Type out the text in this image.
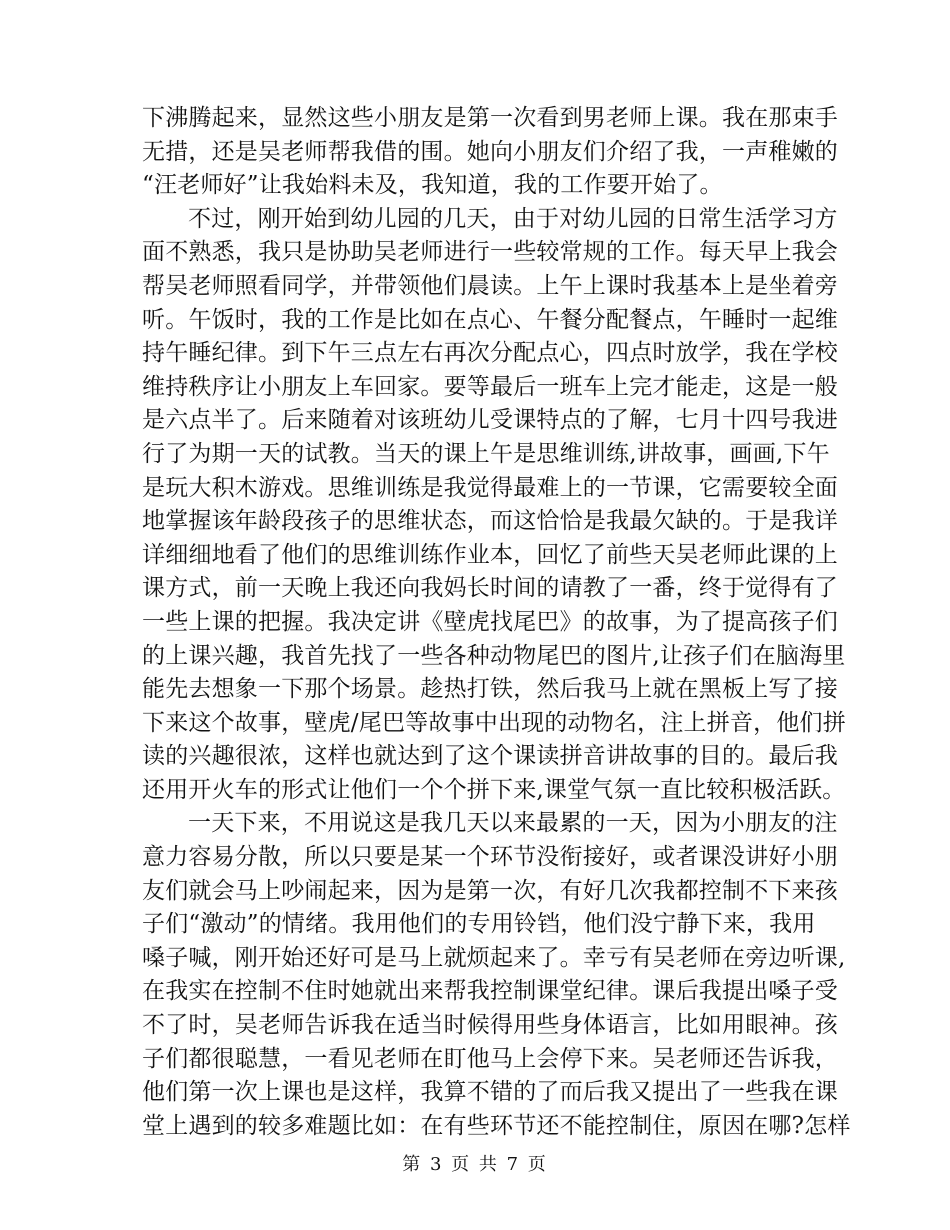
下沸腾起来，显然这些小朋友是第一次看到男老师上课。我在那束手
无措，还是吴老师帮我借的围。她向小朋友们介绍了我，一声稚嫩的
“汪老师好”让我始料未及，我知道，我的工作要开始了。
不过，刚开始到幼儿园的几天，由于对幼儿园的日常生活学习方
面不熟悉，我只是协助吴老师进行一些较常规的工作。每天早上我会
帮吴老师照看同学，并带领他们晨读。上午上课时我基本上是坐着旁
听。午饭时，我的工作是比如在点心、午餐分配餐点，午睡时一起维
持午睡纪律。到下午三点左右再次分配点心，四点时放学，我在学校
维持秩序让小朋友上车回家。要等最后一班车上完才能走，这是一般
是六点半了。后来随着对该班幼儿受课特点的了解，七月十四号我进
行了为期一天的试教。当天的课上午是思维训练,讲故事，画画,下午
是玩大积木游戏。思维训练是我觉得最难上的一节课，它需要较全面
地掌握该年龄段孩子的思维状态，而这恰恰是我最欠缺的。于是我详
详细细地看了他们的思维训练作业本，回忆了前些天吴老师此课的上
课方式，前一天晚上我还向我妈长时间的请教了一番，终于觉得有了
一些上课的把握。我决定讲《壁虎找尾巴》的故事，为了提高孩子们
的上课兴趣，我首先找了一些各种动物尾巴的图片,让孩子们在脑海里
能先去想象一下那个场景。趁热打铁，然后我马上就在黑板上写了接
下来这个故事，壁虎/尾巴等故事中出现的动物名，注上拼音，他们拼
读的兴趣很浓，这样也就达到了这个课读拼音讲故事的目的。最后我
还用开火车的形式让他们一个个拼下来,课堂气氛一直比较积极活跃。
一天下来，不用说这是我几天以来最累的一天，因为小朋友的注
意力容易分散，所以只要是某一个环节没衔接好，或者课没讲好小朋
友们就会马上吵闹起来，因为是第一次，有好几次我都控制不下来孩
子们“激动”的情绪。我用他们的专用铃铛，他们没宁静下来，我用
嗓子喊，刚开始还好可是马上就烦起来了。幸亏有吴老师在旁边听课,
在我实在控制不住时她就出来帮我控制课堂纪律。课后我提出嗓子受
不了时，吴老师告诉我在适当时候得用些身体语言，比如用眼神。孩
子们都很聪慧，一看见老师在盯他马上会停下来。吴老师还告诉我，
他们第一次上课也是这样，我算不错的了而后我又提出了一些我在课
堂上遇到的较多难题比如：在有些环节还不能控制住，原因在哪?怎样
第 3 页 共 7 页
